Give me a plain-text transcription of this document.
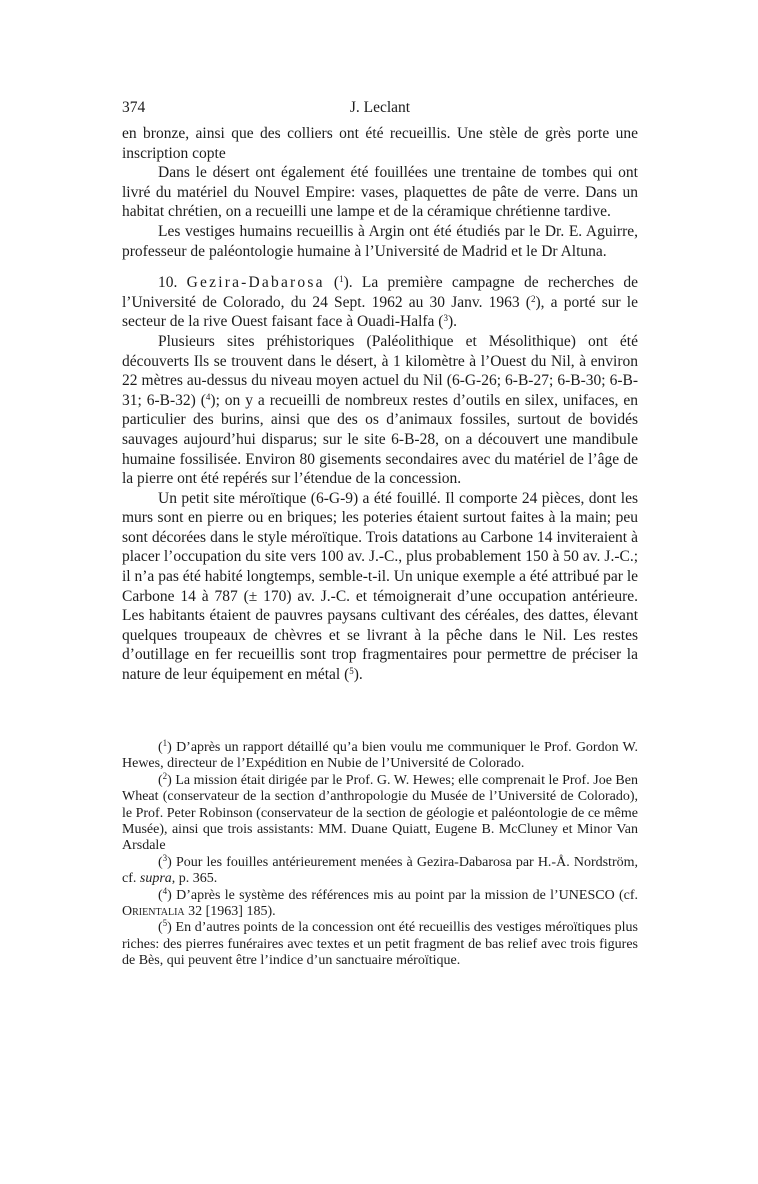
374	J. Leclant

en bronze, ainsi que des colliers ont été recueillis. Une stèle de grès porte une inscription copte

Dans le désert ont également été fouillées une trentaine de tombes qui ont livré du matériel du Nouvel Empire: vases, plaquettes de pâte de verre. Dans un habitat chrétien, on a recueilli une lampe et de la céramique chrétienne tardive.

Les vestiges humains recueillis à Argin ont été étudiés par le Dr. E. Aguirre, professeur de paléontologie humaine à l’Université de Madrid et le Dr Altuna.

10. Gezira-Dabarosa ($^1$). La première campagne de recherches de l’Université de Colorado, du 24 Sept. 1962 au 30 Janv. 1963 ($^2$), a porté sur le secteur de la rive Ouest faisant face à Ouadi-Halfa ($^3$).

Plusieurs sites préhistoriques (Paléolithique et Mésolithique) ont été découverts Ils se trouvent dans le désert, à 1 kilomètre à l’Ouest du Nil, à environ 22 mètres au-dessus du niveau moyen actuel du Nil (6-G-26; 6-B-27; 6-B-30; 6-B-31; 6-B-32) ($^4$); on y a recueilli de nombreux restes d’outils en silex, unifaces, en particulier des burins, ainsi que des os d’animaux fossiles, surtout de bovidés sauvages aujourd’hui disparus; sur le site 6-B-28, on a découvert une mandibule humaine fossilisée. Environ 80 gisements secondaires avec du matériel de l’âge de la pierre ont été repérés sur l’étendue de la concession.

Un petit site méroïtique (6-G-9) a été fouillé. Il comporte 24 pièces, dont les murs sont en pierre ou en briques; les poteries étaient surtout faites à la main; peu sont décorées dans le style méroïtique. Trois datations au Carbone 14 inviteraient à placer l’occupation du site vers 100 av. J.-C., plus probablement 150 à 50 av. J.-C.; il n’a pas été habité longtemps, semble-t-il. Un unique exemple a été attribué par le Carbone 14 à 787 (± 170) av. J.-C. et témoignerait d’une occupation antérieure. Les habitants étaient de pauvres paysans cultivant des céréales, des dattes, élevant quelques troupeaux de chèvres et se livrant à la pêche dans le Nil. Les restes d’outillage en fer recueillis sont trop fragmentaires pour permettre de préciser la nature de leur équipement en métal ($^5$).

($^1$) D’après un rapport détaillé qu’a bien voulu me communiquer le Prof. Gordon W. Hewes, directeur de l’Expédition en Nubie de l’Université de Colorado.

($^2$) La mission était dirigée par le Prof. G. W. Hewes; elle comprenait le Prof. Joe Ben Wheat (conservateur de la section d’anthropologie du Musée de l’Université de Colorado), le Prof. Peter Robinson (conservateur de la section de géologie et paléontologie de ce même Musée), ainsi que trois assistants: MM. Duane Quiatt, Eugene B. McCluney et Minor Van Arsdale

($^3$) Pour les fouilles antérieurement menées à Gezira-Dabarosa par H.-Å. Nordström, cf. supra, p. 365.

($^4$) D’après le système des références mis au point par la mission de l’UNESCO (cf. Orientalia 32 [1963] 185).

($^5$) En d’autres points de la concession ont été recueillis des vestiges méroïtiques plus riches: des pierres funéraires avec textes et un petit fragment de bas relief avec trois figures de Bès, qui peuvent être l’indice d’un sanctuaire méroïtique.
